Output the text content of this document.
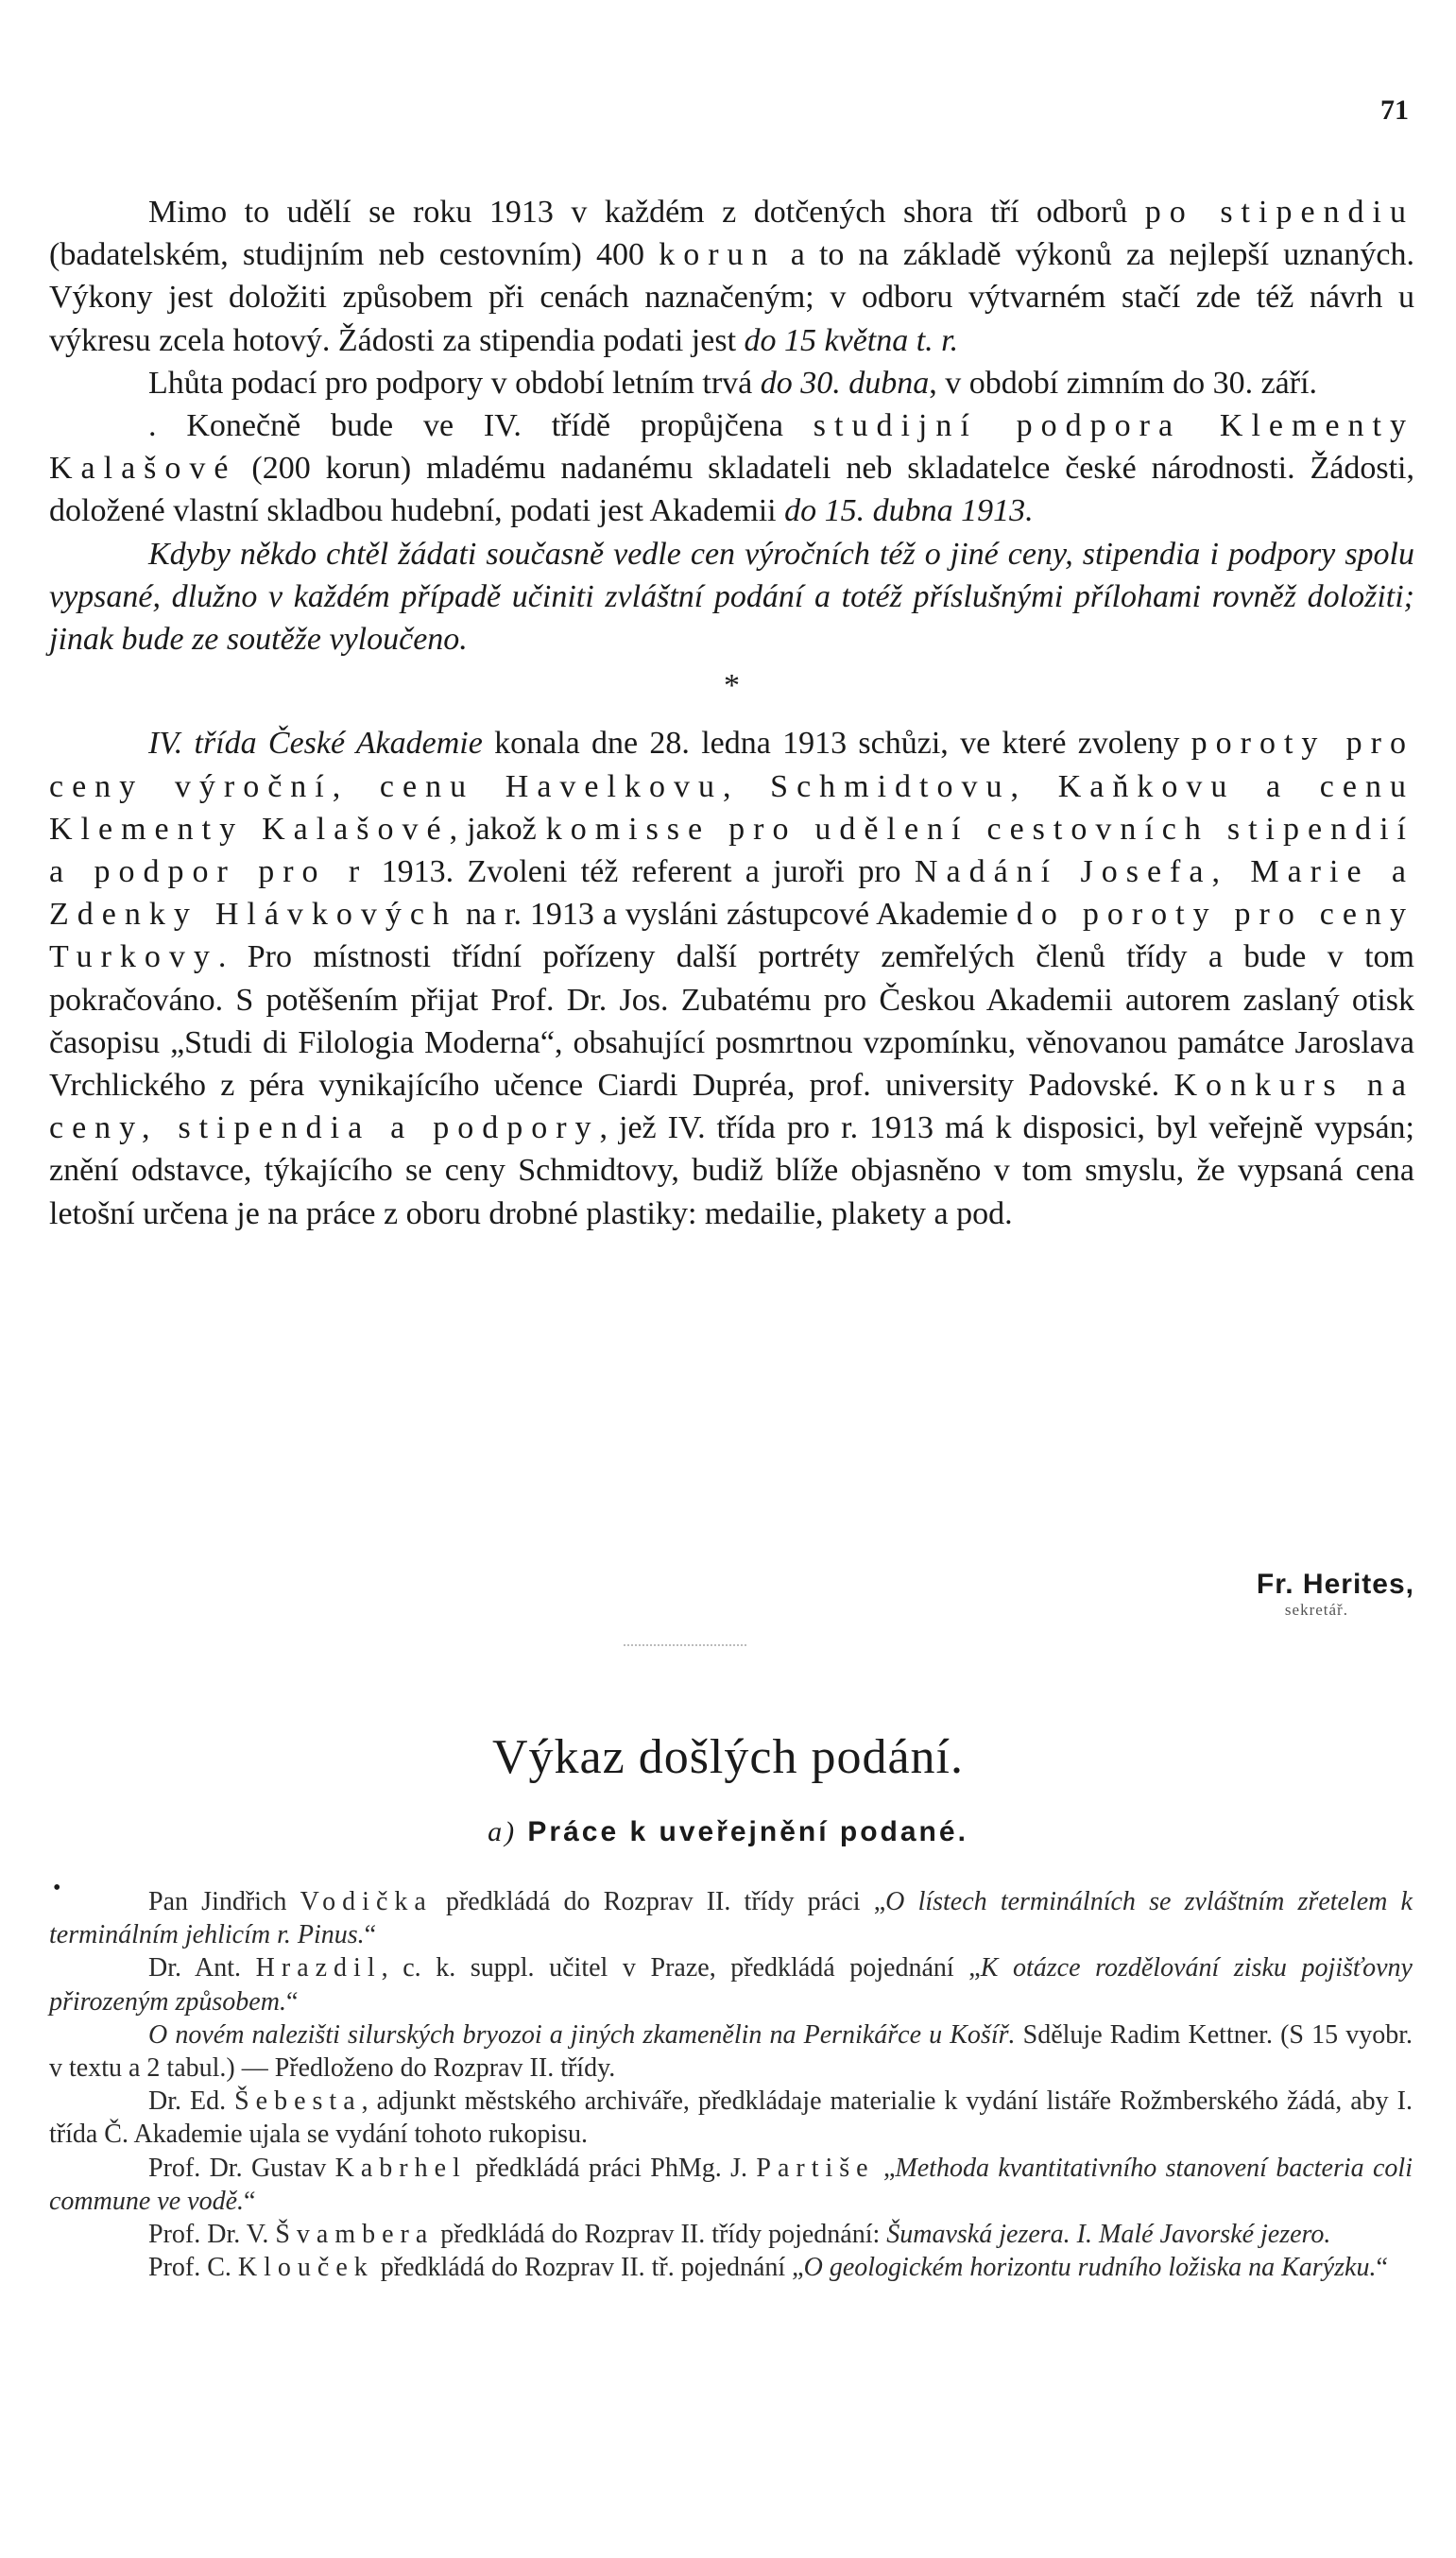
71

Mimo to udělí se roku 1913 v každém z dotčených shora tří odborů po stipendiu (badatelském, studijním neb cestovním) 400 korun a to na základě výkonů za nejlepší uznaných. Výkony jest doložiti způsobem při cenách naznačeným; v odboru výtvarném stačí zde též návrh u výkresu zcela hotový. Žádosti za stipendia podati jest do 15 května t. r.

Lhůta podací pro podpory v období letním trvá do 30. dubna, v období zimním do 30. září.

. Konečně bude ve IV. třídě propůjčena studijní podpora Klementy Kalašové (200 korun) mladému nadanému skladateli neb skladatelce české národnosti. Žádosti, doložené vlastní skladbou hudební, podati jest Akademii do 15. dubna 1913.

Kdyby někdo chtěl žádati současně vedle cen výročních též o jiné ceny, stipendia i podpory spolu vypsané, dlužno v každém případě učiniti zvláštní podání a totéž příslušnými přílohami rovněž doložiti; jinak bude ze soutěže vyloučeno.

*

IV. třída České Akademie konala dne 28. ledna 1913 schůzi, ve které zvoleny poroty pro ceny výroční, cenu Havelkovu, Schmidtovu, Kaňkovu a cenu Klementy Kalašové, jakož komisse pro udělení cestovních stipendií a podpor pro r 1913. Zvoleni též referent a juroři pro Nadání Josefa, Marie a Zdenky Hlávkových na r. 1913 a vysláni zástupcové Akademie do poroty pro ceny Turkovy. Pro místnosti třídní pořízeny další portréty zemřelých členů třídy a bude v tom pokračováno. S potěšením přijat Prof. Dr. Jos. Zubatému pro Českou Akademii autorem zaslaný otisk časopisu „Studi di Filologia Moderna“, obsahující posmrtnou vzpomínku, věnovanou památce Jaroslava Vrchlického z péra vynikajícího učence Ciardi Dupréa, prof. university Padovské. Konkurs na ceny, stipendia a podpory, jež IV. třída pro r. 1913 má k disposici, byl veřejně vypsán; znění odstavce, týkajícího se ceny Schmidtovy, budiž blíže objasněno v tom smyslu, že vypsaná cena letošní určena je na práce z oboru drobné plastiky: medailie, plakety a pod.

Fr. Herites,
sekretář.
Výkaz došlých podání.
a) Práce k uveřejnění podané.
•	Pan Jindřich Vodička předkládá do Rozprav II. třídy práci „O lístech terminálních se zvláštním zřetelem k terminálním jehlicím r. Pinus.“

Dr. Ant. Hrazdil, c. k. suppl. učitel v Praze, předkládá pojednání „K otázce rozdělování zisku pojišťovny přirozeným způsobem.“

O novém nalezišti silurských bryozoi a jiných zkamenělin na Pernikářce u Košíř. Sděluje Radim Kettner. (S 15 vyobr. v textu a 2 tabul.) — Předloženo do Rozprav II. třídy.

Dr. Ed. Šebesta, adjunkt městského archiváře, předkládaje materialie k vydání listáře Rožmberského žádá, aby I. třída Č. Akademie ujala se vydání tohoto rukopisu.

Prof. Dr. Gustav Kabrhel předkládá práci PhMg. J. Partiše „Methoda kvantitativního stanovení bacteria coli commune ve vodě.“

Prof. Dr. V. Švambera předkládá do Rozprav II. třídy pojednání: Šumavská jezera. I. Malé Javorské jezero.

Prof. C. Klouček předkládá do Rozprav II. tř. pojednání „O geologickém horizontu rudního ložiska na Karýzku.“
